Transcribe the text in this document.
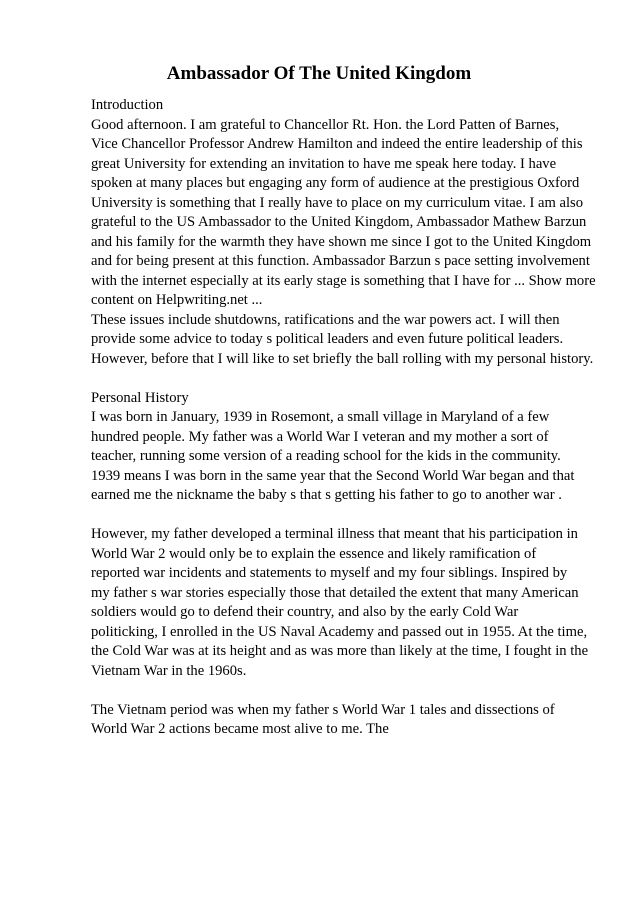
Ambassador Of The United Kingdom
Introduction
Good afternoon. I am grateful to Chancellor Rt. Hon. the Lord Patten of Barnes,
Vice Chancellor Professor Andrew Hamilton and indeed the entire leadership of this
great University for extending an invitation to have me speak here today. I have
spoken at many places but engaging any form of audience at the prestigious Oxford
University is something that I really have to place on my curriculum vitae. I am also
grateful to the US Ambassador to the United Kingdom, Ambassador Mathew Barzun
and his family for the warmth they have shown me since I got to the United Kingdom
and for being present at this function. Ambassador Barzun s pace setting involvement
with the internet especially at its early stage is something that I have for ... Show more
content on Helpwriting.net ...
These issues include shutdowns, ratifications and the war powers act. I will then
provide some advice to today s political leaders and even future political leaders.
However, before that I will like to set briefly the ball rolling with my personal history.
Personal History
I was born in January, 1939 in Rosemont, a small village in Maryland of a few
hundred people. My father was a World War I veteran and my mother a sort of
teacher, running some version of a reading school for the kids in the community.
1939 means I was born in the same year that the Second World War began and that
earned me the nickname the baby s that s getting his father to go to another war .
However, my father developed a terminal illness that meant that his participation in
World War 2 would only be to explain the essence and likely ramification of
reported war incidents and statements to myself and my four siblings. Inspired by
my father s war stories especially those that detailed the extent that many American
soldiers would go to defend their country, and also by the early Cold War
politicking, I enrolled in the US Naval Academy and passed out in 1955. At the time,
the Cold War was at its height and as was more than likely at the time, I fought in the
Vietnam War in the 1960s.
The Vietnam period was when my father s World War 1 tales and dissections of
World War 2 actions became most alive to me. The
